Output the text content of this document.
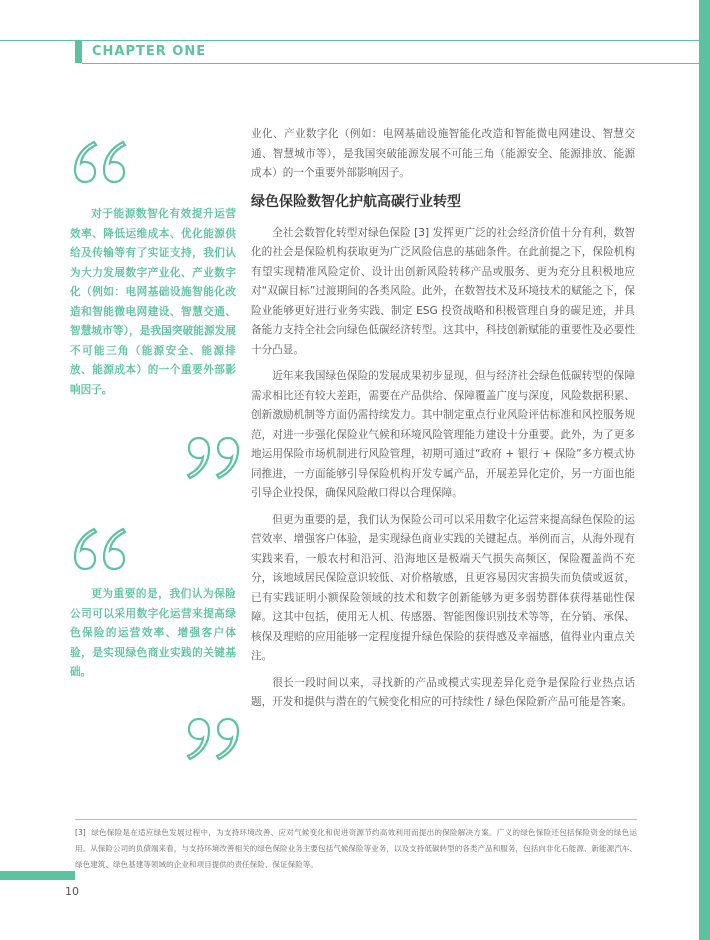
CHAPTER ONE
对于能源数智化有效提升运营效率、降低运维成本、优化能源供给及传输等有了实证支持，我们认为大力发展数字产业化、产业数字化（例如：电网基础设施智能化改造和智能微电网建设、智慧交通、智慧城市等），是我国突破能源发展不可能三角（能源安全、能源排放、能源成本）的一个重要外部影响因子。
更为重要的是，我们认为保险公司可以采用数字化运营来提高绿色保险的运营效率、增强客户体验，是实现绿色商业实践的关键基础。

业化、产业数字化（例如：电网基础设施智能化改造和智能微电网建设、智慧交通、智慧城市等），是我国突破能源发展不可能三角（能源安全、能源排放、能源成本）的一个重要外部影响因子。

绿色保险数智化护航高碳行业转型

全社会数智化转型对绿色保险 [3] 发挥更广泛的社会经济价值十分有利，数智化的社会是保险机构获取更为广泛风险信息的基础条件。在此前提之下，保险机构有望实现精准风险定价、设计出创新风险转移产品或服务、更为充分且积极地应对“双碳目标”过渡期间的各类风险。此外，在数智技术及环境技术的赋能之下，保险业能够更好进行业务实践、制定 ESG 投资战略和积极管理自身的碳足迹，并具备能力支持全社会向绿色低碳经济转型。这其中，科技创新赋能的重要性及必要性十分凸显。

近年来我国绿色保险的发展成果初步显现，但与经济社会绿色低碳转型的保障需求相比还有较大差距，需要在产品供给、保障覆盖广度与深度，风险数据积累、创新激励机制等方面仍需持续发力。其中制定重点行业风险评估标准和风控服务规范，对进一步强化保险业气候和环境风险管理能力建设十分重要。此外，为了更多地运用保险市场机制进行风险管理，初期可通过“政府 + 银行 + 保险”多方模式协同推进，一方面能够引导保险机构开发专属产品，开展差异化定价，另一方面也能引导企业投保，确保风险敞口得以合理保障。

但更为重要的是，我们认为保险公司可以采用数字化运营来提高绿色保险的运营效率、增强客户体验，是实现绿色商业实践的关键起点。举例而言，从海外现有实践来看，一般农村和沿河、沿海地区是极端天气损失高频区，保险覆盖尚不充分，该地域居民保险意识较低、对价格敏感，且更容易因灾害损失而负债或返贫，已有实践证明小额保险领域的技术和数字创新能够为更多弱势群体获得基础性保障。这其中包括，使用无人机、传感器、智能图像识别技术等等，在分销、承保、核保及理赔的应用能够一定程度提升绿色保险的获得感及幸福感，值得业内重点关注。

很长一段时间以来，寻找新的产品或模式实现差异化竞争是保险行业热点话题，开发和提供与潜在的气候变化相应的可持续性 / 绿色保险新产品可能是答案。

[3] 绿色保险是在适应绿色发展过程中，为支持环境改善、应对气候变化和促进资源节约高效利用而提出的保险解决方案。广义的绿色保险还包括保险资金的绿色运用。从保险公司的负债端来看，与支持环境改善相关的绿色保险业务主要包括气候保险等业务，以及支持低碳转型的各类产品和服务，包括向非化石能源、新能源汽车、绿色建筑、绿色基建等领域的企业和项目提供的责任保险、保证保险等。
10
